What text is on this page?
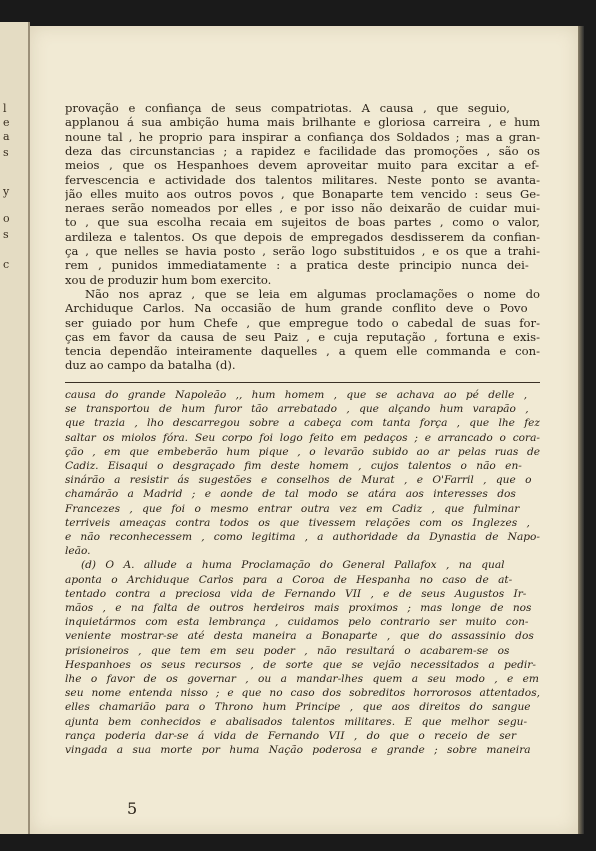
l
e
a
s
y
o
s
c
provação e confiança de seus compatriotas. A causa , que seguio,
applanou á sua ambição huma mais brilhante e gloriosa carreira , e hum
noune tal , he proprio para inspirar a confiança dos Soldados ; mas a gran-
deza das circunstancias ; a rapidez e facilidade das promoções , são os
meios , que os Hespanhoes devem aproveitar muito para excitar a ef-
fervescencia e actividade dos talentos militares. Neste ponto se avanta-
jão elles muito aos outros povos , que Bonaparte tem vencido : seus Ge-
neraes serão nomeados por elles , e por isso não deixarão de cuidar mui-
to , que sua escolha recaia em sujeitos de boas partes , como o valor,
ardileza e talentos. Os que depois de empregados desdisserem da confian-
ça , que nelles se havia posto , serão logo substituidos , e os que a trahi-
rem , punidos immediatamente : a pratica deste principio nunca dei-
xou de produzir hum bom exercito.
Não nos apraz , que se leia em algumas proclamações o nome do
Archiduque Carlos. Na occasião de hum grande conflito deve o Povo
ser guiado por hum Chefe , que empregue todo o cabedal de suas for-
ças em favor da causa de seu Paiz , e cuja reputação , fortuna e exis-
tencia dependão inteiramente daquelles , a quem elle commanda e con-
duz ao campo da batalha (d).
causa do grande Napoleão ,, hum homem , que se achava ao pé delle ,
se transportou de hum furor tão arrebatado , que alçando hum varapão ,
que trazia , lho descarregou sobre a cabeça com tanta força , que lhe fez
saltar os miolos fóra. Seu corpo foi logo feito em pedaços ; e arrancado o cora-
ção , em que embeberão hum pique , o levarão subido ao ar pelas ruas de
Cadiz. Eisaqui o desgraçado fim deste homem , cujos talentos o não en-
sinárão a resistir ás sugestões e conselhos de Murat , e O'Farril , que o
chamárão a Madrid ; e aonde de tal modo se atára aos interesses dos
Francezes , que foi o mesmo entrar outra vez em Cadiz , que fulminar
terriveis ameaças contra todos os que tivessem relações com os Inglezes ,
e não reconhecessem , como legitima , a authoridade da Dynastia de Napo-
leão.
(d) O A. allude a huma Proclamação do General Pallafox , na qual
aponta o Archiduque Carlos para a Coroa de Hespanha no caso de at-
tentado contra a preciosa vida de Fernando VII , e de seus Augustos Ir-
mãos , e na falta de outros herdeiros mais proximos ; mas longe de nos
inquietármos com esta lembrança , cuidamos pelo contrario ser muito con-
veniente mostrar-se até desta maneira a Bonaparte , que do assassinio dos
prisioneiros , que tem em seu poder , não resultará o acabarem-se os
Hespanhoes os seus recursos , de sorte que se vejão necessitados a pedir-
lhe o favor de os governar , ou a mandar-lhes quem a seu modo , e em
seu nome entenda nisso ; e que no caso dos sobreditos horrorosos attentados,
elles chamarião para o Throno hum Principe , que aos direitos do sangue
ajunta bem conhecidos e abalisados talentos militares. E que melhor segu-
rança poderia dar-se á vida de Fernando VII , do que o receio de ser
vingada a sua morte por huma Nação poderosa e grande ; sobre maneira
5
